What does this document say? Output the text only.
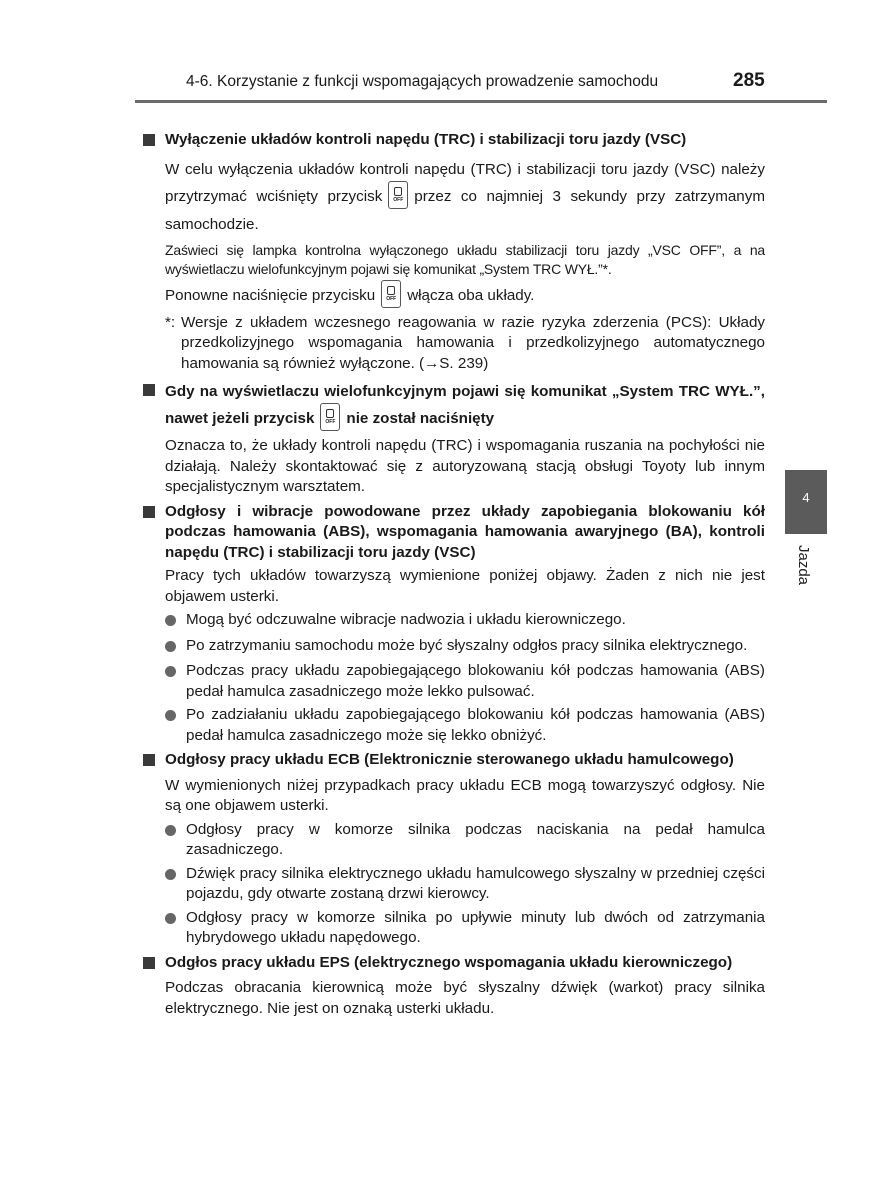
4-6. Korzystanie z funkcji wspomagających prowadzenie samochodu	285
4
Jazda
Wyłączenie układów kontroli napędu (TRC) i stabilizacji toru jazdy (VSC)
W celu wyłączenia układów kontroli napędu (TRC) i stabilizacji toru jazdy (VSC) należy przytrzymać wciśnięty przycisk	OFF przez co najmniej 3 sekundy przy zatrzymanym samochodzie.
Zaświeci się lampka kontrolna wyłączonego układu stabilizacji toru jazdy „VSC OFF”, a na wyświetlaczu wielofunkcyjnym pojawi się komunikat „System TRC WYŁ.”*.
Ponowne naciśnięcie przycisku	OFF włącza oba układy.
*: Wersje z układem wczesnego reagowania w razie ryzyka zderzenia (PCS): Układy przedkolizyjnego wspomagania hamowania i przedkolizyjnego automatycznego hamowania są również wyłączone. (→S. 239)
Gdy na wyświetlaczu wielofunkcyjnym pojawi się komunikat „System TRC WYŁ.”, nawet jeżeli przycisk	OFF nie został naciśnięty
Oznacza to, że układy kontroli napędu (TRC) i wspomagania ruszania na pochyłości nie działają. Należy skontaktować się z autoryzowaną stacją obsługi Toyoty lub innym specjalistycznym warsztatem.
Odgłosy i wibracje powodowane przez układy zapobiegania blokowaniu kół podczas hamowania (ABS), wspomagania hamowania awaryjnego (BA), kontroli napędu (TRC) i stabilizacji toru jazdy (VSC)
Pracy tych układów towarzyszą wymienione poniżej objawy. Żaden z nich nie jest objawem usterki.
Mogą być odczuwalne wibracje nadwozia i układu kierowniczego.
Po zatrzymaniu samochodu może być słyszalny odgłos pracy silnika elektrycznego.
Podczas pracy układu zapobiegającego blokowaniu kół podczas hamowania (ABS) pedał hamulca zasadniczego może lekko pulsować.
Po zadziałaniu układu zapobiegającego blokowaniu kół podczas hamowania (ABS) pedał hamulca zasadniczego może się lekko obniżyć.
Odgłosy pracy układu ECB (Elektronicznie sterowanego układu hamulcowego)
W wymienionych niżej przypadkach pracy układu ECB mogą towarzyszyć odgłosy. Nie są one objawem usterki.
Odgłosy pracy w komorze silnika podczas naciskania na pedał hamulca zasadniczego.
Dźwięk pracy silnika elektrycznego układu hamulcowego słyszalny w przedniej części pojazdu, gdy otwarte zostaną drzwi kierowcy.
Odgłosy pracy w komorze silnika po upływie minuty lub dwóch od zatrzymania hybrydowego układu napędowego.
Odgłos pracy układu EPS (elektrycznego wspomagania układu kierowniczego)
Podczas obracania kierownicą może być słyszalny dźwięk (warkot) pracy silnika elektrycznego. Nie jest on oznaką usterki układu.
